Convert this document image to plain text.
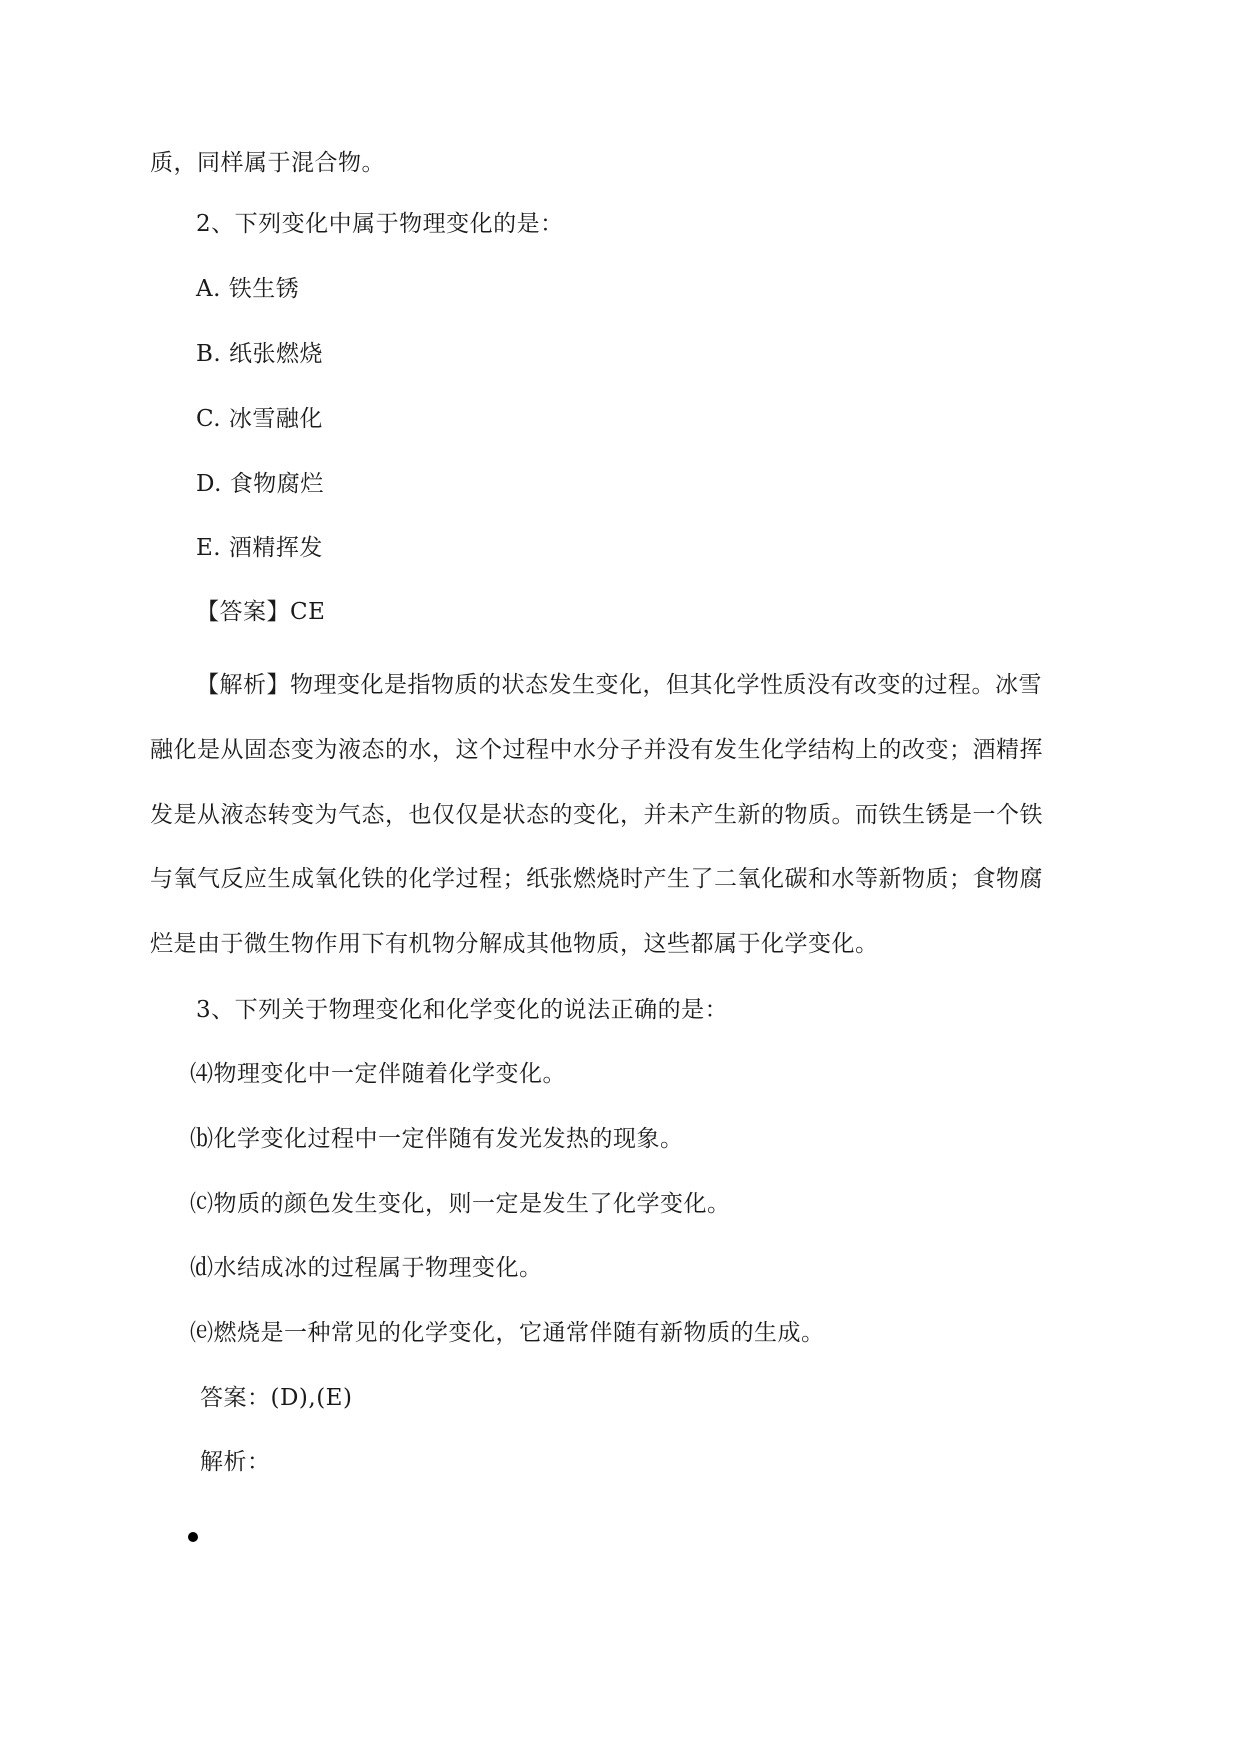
质，同样属于混合物。
2、下列变化中属于物理变化的是：
A. 铁生锈
B. 纸张燃烧
C. 冰雪融化
D. 食物腐烂
E. 酒精挥发
【答案】CE
【解析】物理变化是指物质的状态发生变化，但其化学性质没有改变的过程。冰雪
融化是从固态变为液态的水，这个过程中水分子并没有发生化学结构上的改变；酒精挥
发是从液态转变为气态，也仅仅是状态的变化，并未产生新的物质。而铁生锈是一个铁
与氧气反应生成氧化铁的化学过程；纸张燃烧时产生了二氧化碳和水等新物质；食物腐
烂是由于微生物作用下有机物分解成其他物质，这些都属于化学变化。
3、下列关于物理变化和化学变化的说法正确的是：
⑷物理变化中一定伴随着化学变化。
⒝化学变化过程中一定伴随有发光发热的现象。
⒞物质的颜色发生变化，则一定是发生了化学变化。
⒟水结成冰的过程属于物理变化。
⒠燃烧是一种常见的化学变化，它通常伴随有新物质的生成。
答案：(D),(E)
解析：
